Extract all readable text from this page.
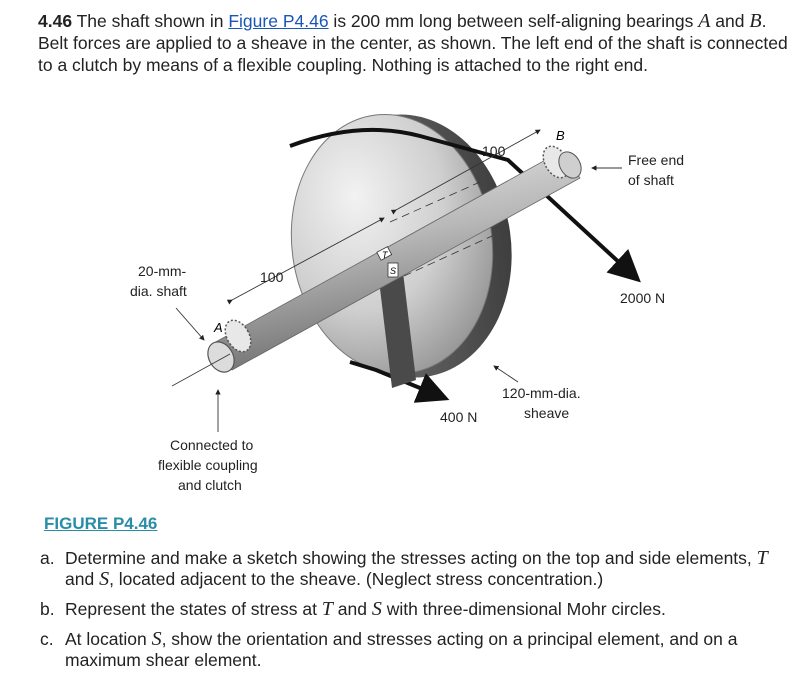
4.46 The shaft shown in Figure P4.46 is 200 mm long between self-aligning bearings A and B. Belt forces are applied to a sheave in the center, as shown. The left end of the shaft is connected to a clutch by means of a flexible coupling. Nothing is attached to the right end.

T
S
100
100
A
B
20-mm-
dia. shaft
Free end
of shaft
2000 N
400 N
120-mm-dia.
sheave
Connected to
flexible coupling
and clutch
FIGURE P4.46
a. Determine and make a sketch showing the stresses acting on the top and side elements, T and S, located adjacent to the sheave. (Neglect stress concentration.)
b. Represent the states of stress at T and S with three-dimensional Mohr circles.
c. At location S, show the orientation and stresses acting on a principal element, and on a maximum shear element.
